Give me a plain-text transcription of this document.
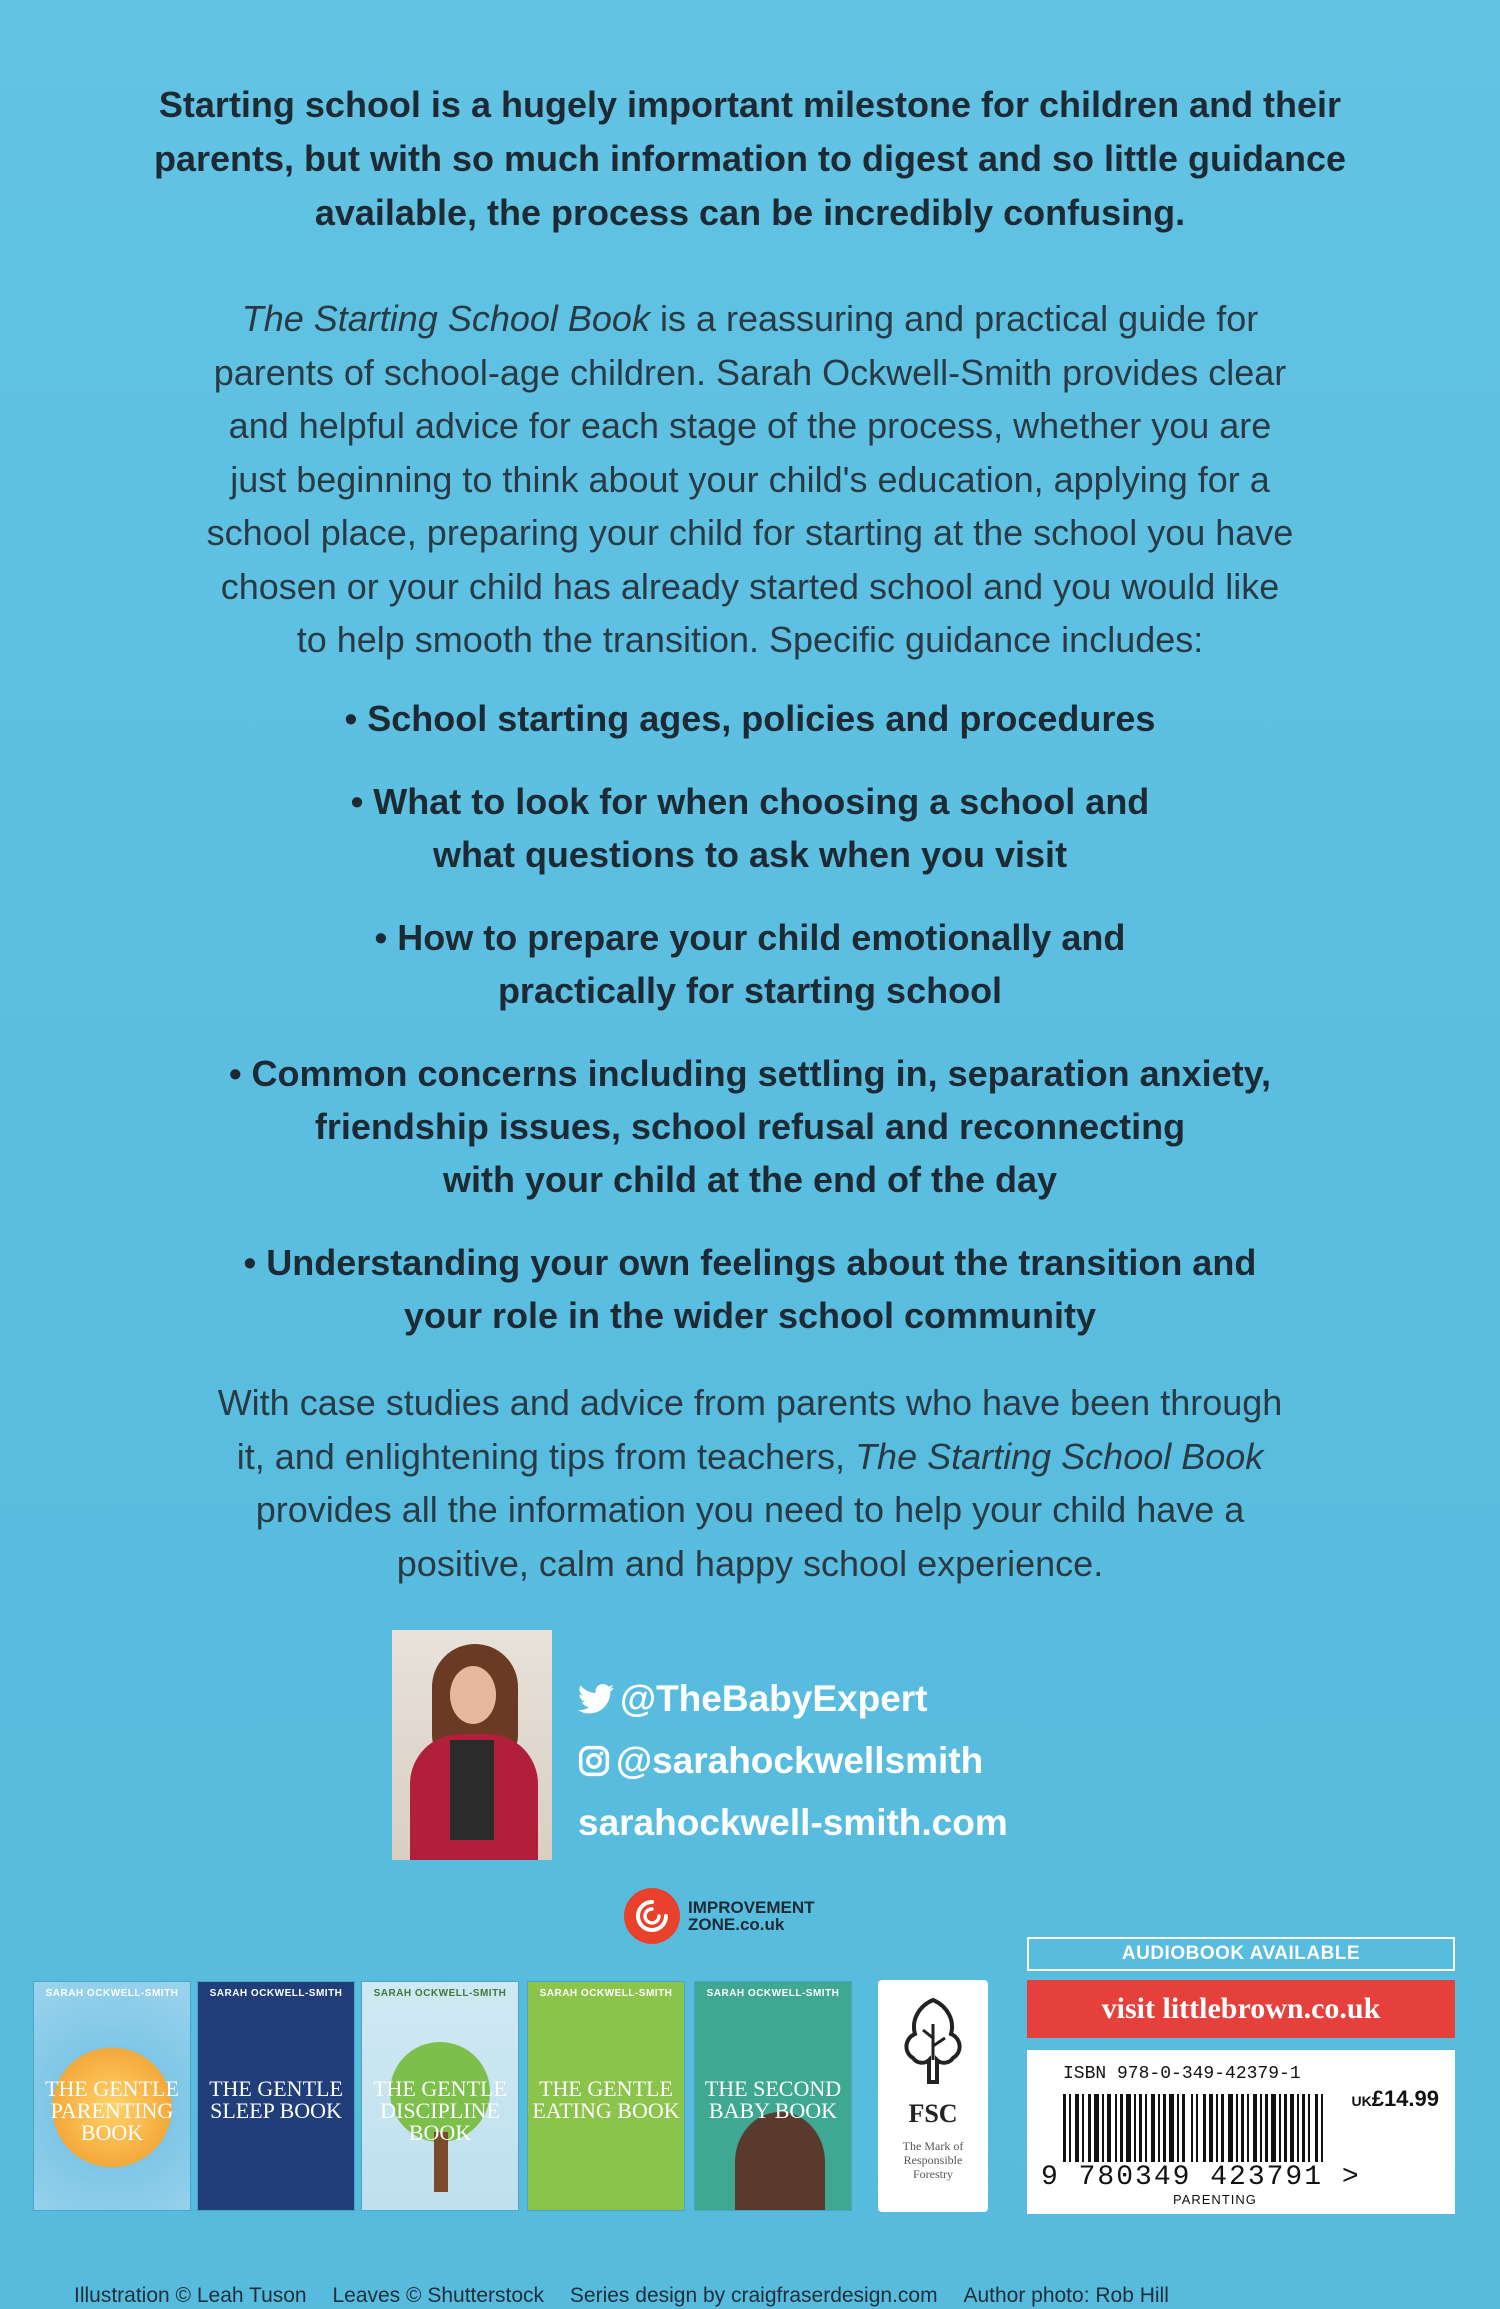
Starting school is a hugely important milestone for children and their
parents, but with so much information to digest and so little guidance
available, the process can be incredibly confusing.
The Starting School Book is a reassuring and practical guide for
parents of school-age children. Sarah Ockwell-Smith provides clear
and helpful advice for each stage of the process, whether you are
just beginning to think about your child's education, applying for a
school place, preparing your child for starting at the school you have
chosen or your child has already started school and you would like
to help smooth the transition. Specific guidance includes:
• School starting ages, policies and procedures
• What to look for when choosing a school and
what questions to ask when you visit
• How to prepare your child emotionally and
practically for starting school
• Common concerns including settling in, separation anxiety,
friendship issues, school refusal and reconnecting
with your child at the end of the day
• Understanding your own feelings about the transition and
your role in the wider school community
With case studies and advice from parents who have been through
it, and enlightening tips from teachers, The Starting School Book
provides all the information you need to help your child have a
positive, calm and happy school experience.
@TheBabyExpert
@sarahockwellsmith
sarahockwell-smith.com
IMPROVEMENT
ZONE.co.uk
SARAH OCKWELL-SMITH
THE GENTLE PARENTING BOOK
SARAH OCKWELL-SMITH
THE GENTLE SLEEP BOOK
SARAH OCKWELL-SMITH
THE GENTLE DISCIPLINE BOOK
SARAH OCKWELL-SMITH
THE GENTLE EATING BOOK
SARAH OCKWELL-SMITH
THE SECOND BABY BOOK	FSC
The Mark of Responsible Forestry
AUDIOBOOK AVAILABLE
visit littlebrown.co.uk
ISBN 978-0-349-42379-1
UK£14.99
9 780349 423791 >
PARENTING
Illustration © Leah Tuson Leaves © Shutterstock Series design by craigfraserdesign.com Author photo: Rob Hill
